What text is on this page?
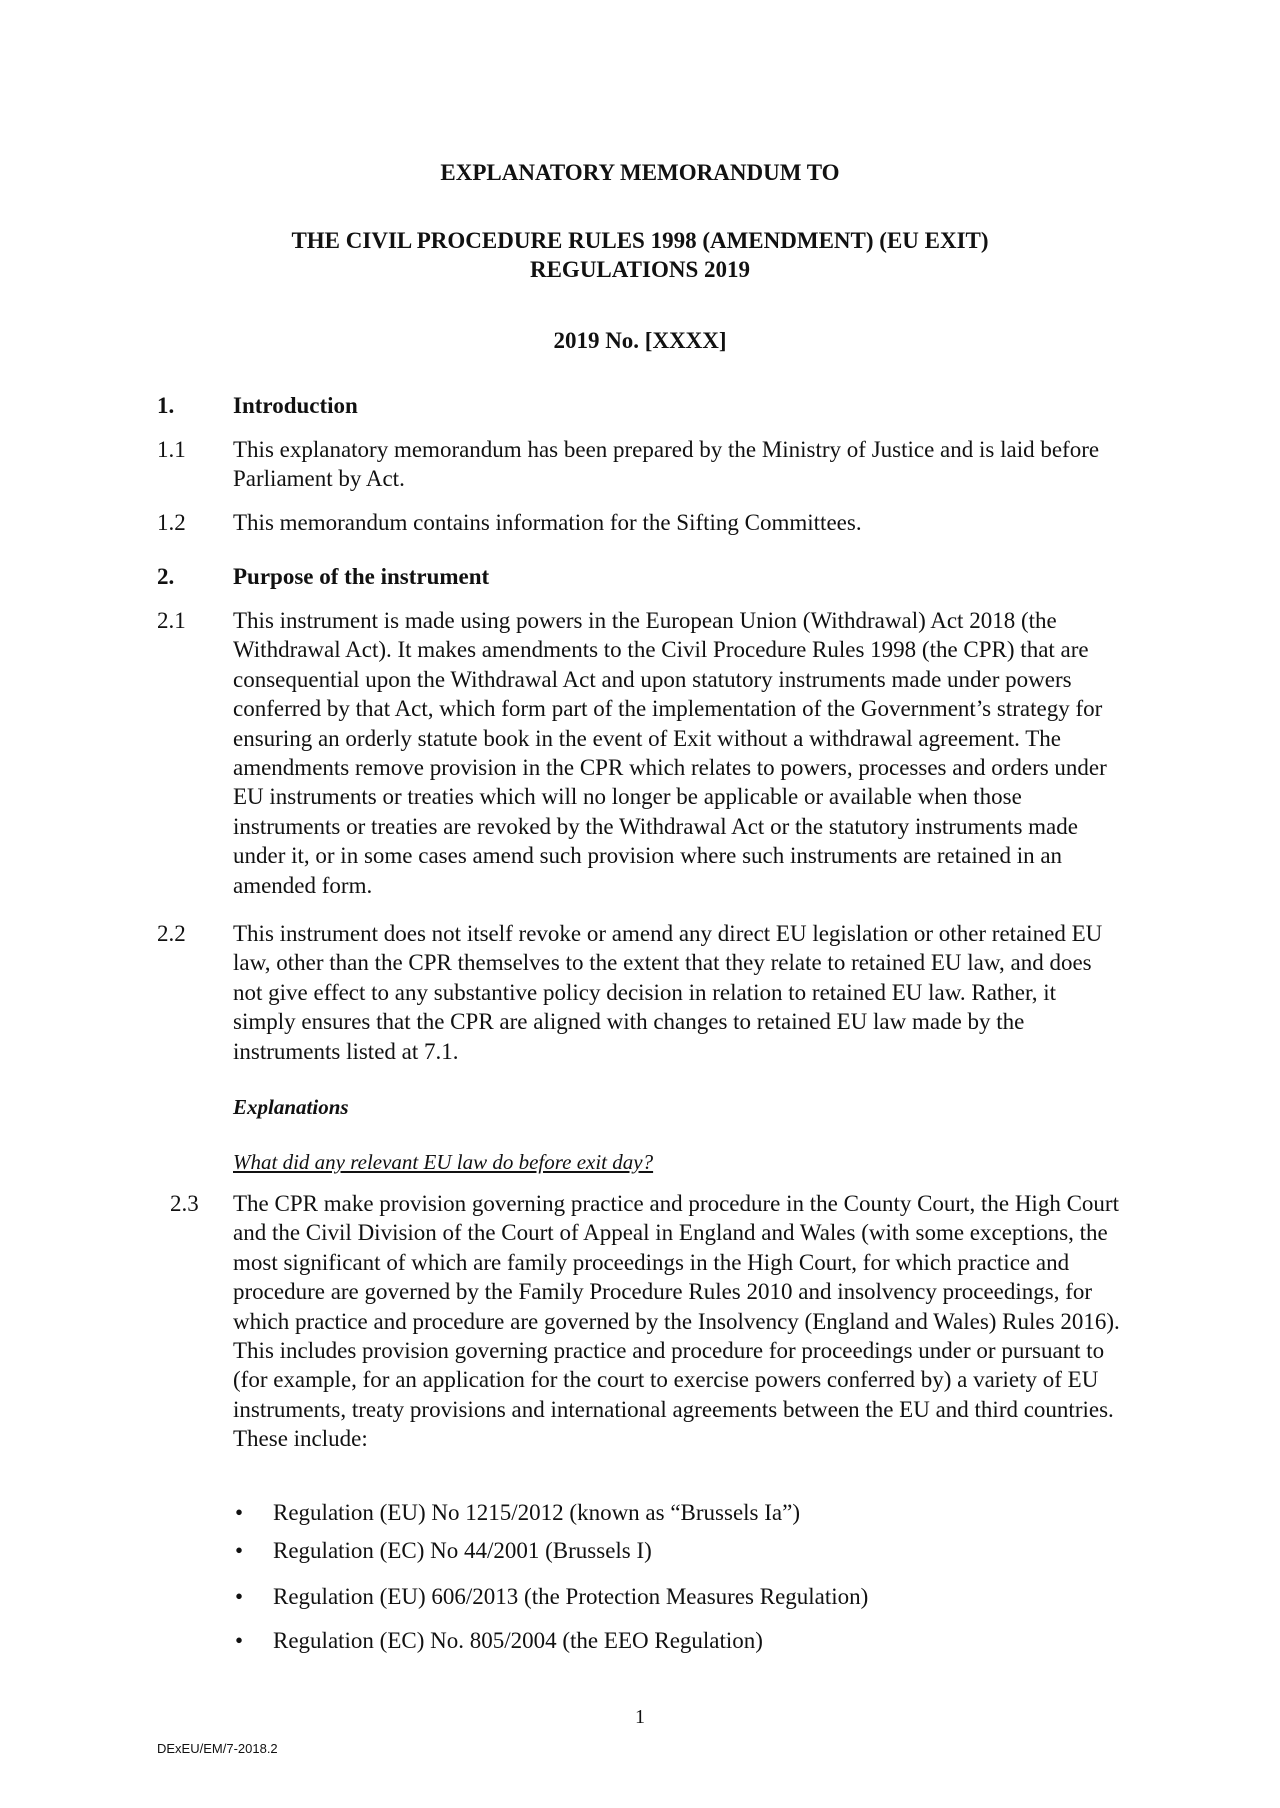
EXPLANATORY MEMORANDUM TO
THE CIVIL PROCEDURE RULES 1998 (AMENDMENT) (EU EXIT)
REGULATIONS 2019
2019 No. [XXXX]
1.	Introduction
1.1 This explanatory memorandum has been prepared by the Ministry of Justice and is laid before Parliament by Act.
1.2 This memorandum contains information for the Sifting Committees.
2.	Purpose of the instrument
2.1 This instrument is made using powers in the European Union (Withdrawal) Act 2018 (the Withdrawal Act). It makes amendments to the Civil Procedure Rules 1998 (the CPR) that are consequential upon the Withdrawal Act and upon statutory instruments made under powers conferred by that Act, which form part of the implementation of the Government’s strategy for ensuring an orderly statute book in the event of Exit without a withdrawal agreement. The amendments remove provision in the CPR which relates to powers, processes and orders under EU instruments or treaties which will no longer be applicable or available when those instruments or treaties are revoked by the Withdrawal Act or the statutory instruments made under it, or in some cases amend such provision where such instruments are retained in an amended form.
2.2 This instrument does not itself revoke or amend any direct EU legislation or other retained EU law, other than the CPR themselves to the extent that they relate to retained EU law, and does not give effect to any substantive policy decision in relation to retained EU law. Rather, it simply ensures that the CPR are aligned with changes to retained EU law made by the instruments listed at 7.1.
Explanations
What did any relevant EU law do before exit day?
2.3 The CPR make provision governing practice and procedure in the County Court, the High Court and the Civil Division of the Court of Appeal in England and Wales (with some exceptions, the most significant of which are family proceedings in the High Court, for which practice and procedure are governed by the Family Procedure Rules 2010 and insolvency proceedings, for which practice and procedure are governed by the Insolvency (England and Wales) Rules 2016). This includes provision governing practice and procedure for proceedings under or pursuant to (for example, for an application for the court to exercise powers conferred by) a variety of EU instruments, treaty provisions and international agreements between the EU and third countries. These include:
• Regulation (EU) No 1215/2012 (known as “Brussels Ia”)
• Regulation (EC) No 44/2001 (Brussels I)
• Regulation (EU) 606/2013 (the Protection Measures Regulation)
• Regulation (EC) No. 805/2004 (the EEO Regulation)
1
DExEU/EM/7-2018.2
